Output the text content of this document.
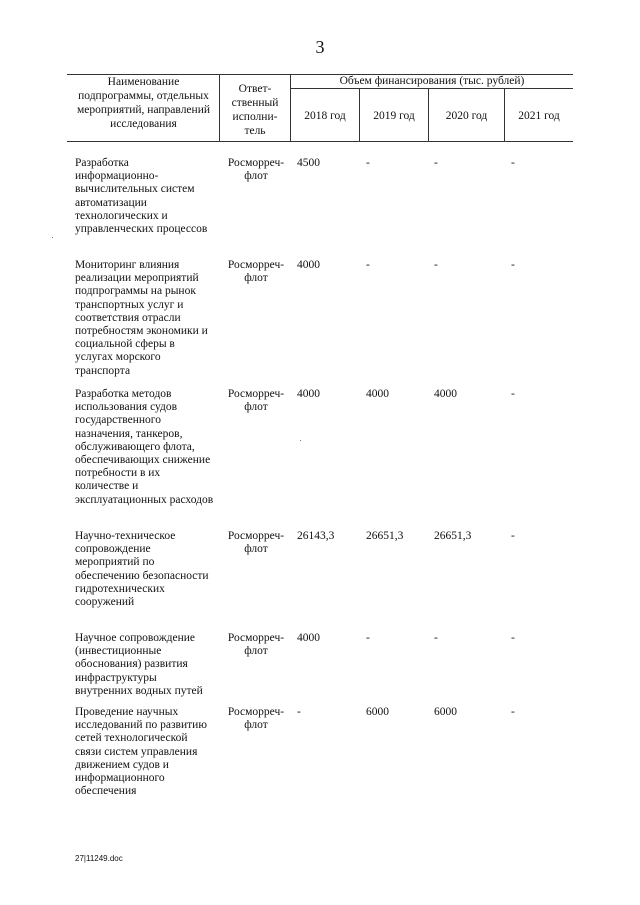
3
Наименование подпрограммы, отдельных мероприятий, направлений исследования
Ответ-ственный исполни-тель
Объем финансирования (тыс. рублей)
2018 год	2019 год	2020 год	2021 год
Разработка информационно-вычислительных систем автоматизации технологических и управленческих процессов
Росморреч-флот
4500	-	-	-
Мониторинг влияния реализации мероприятий подпрограммы на рынок транспортных услуг и соответствия отрасли потребностям экономики и социальной сферы в услугах морского транспорта
Росморреч-флот
4000	-	-	-
Разработка методов использования судов государственного назначения, танкеров, обслуживающего флота, обеспечивающих снижение потребности в их количестве и эксплуатационных расходов
Росморреч-флот
4000	4000	4000	-
Научно-техническое сопровождение мероприятий по обеспечению безопасности гидротехнических сооружений
Росморреч-флот
26143,3	26651,3	26651,3	-
Научное сопровождение (инвестиционные обоснования) развития инфраструктуры внутренних водных путей
Росморреч-флот
4000	-	-	-
Проведение научных исследований по развитию сетей технологической связи систем управления движением судов и информационного обеспечения
Росморреч-флот
-	6000	6000	-
27|11249.doc
